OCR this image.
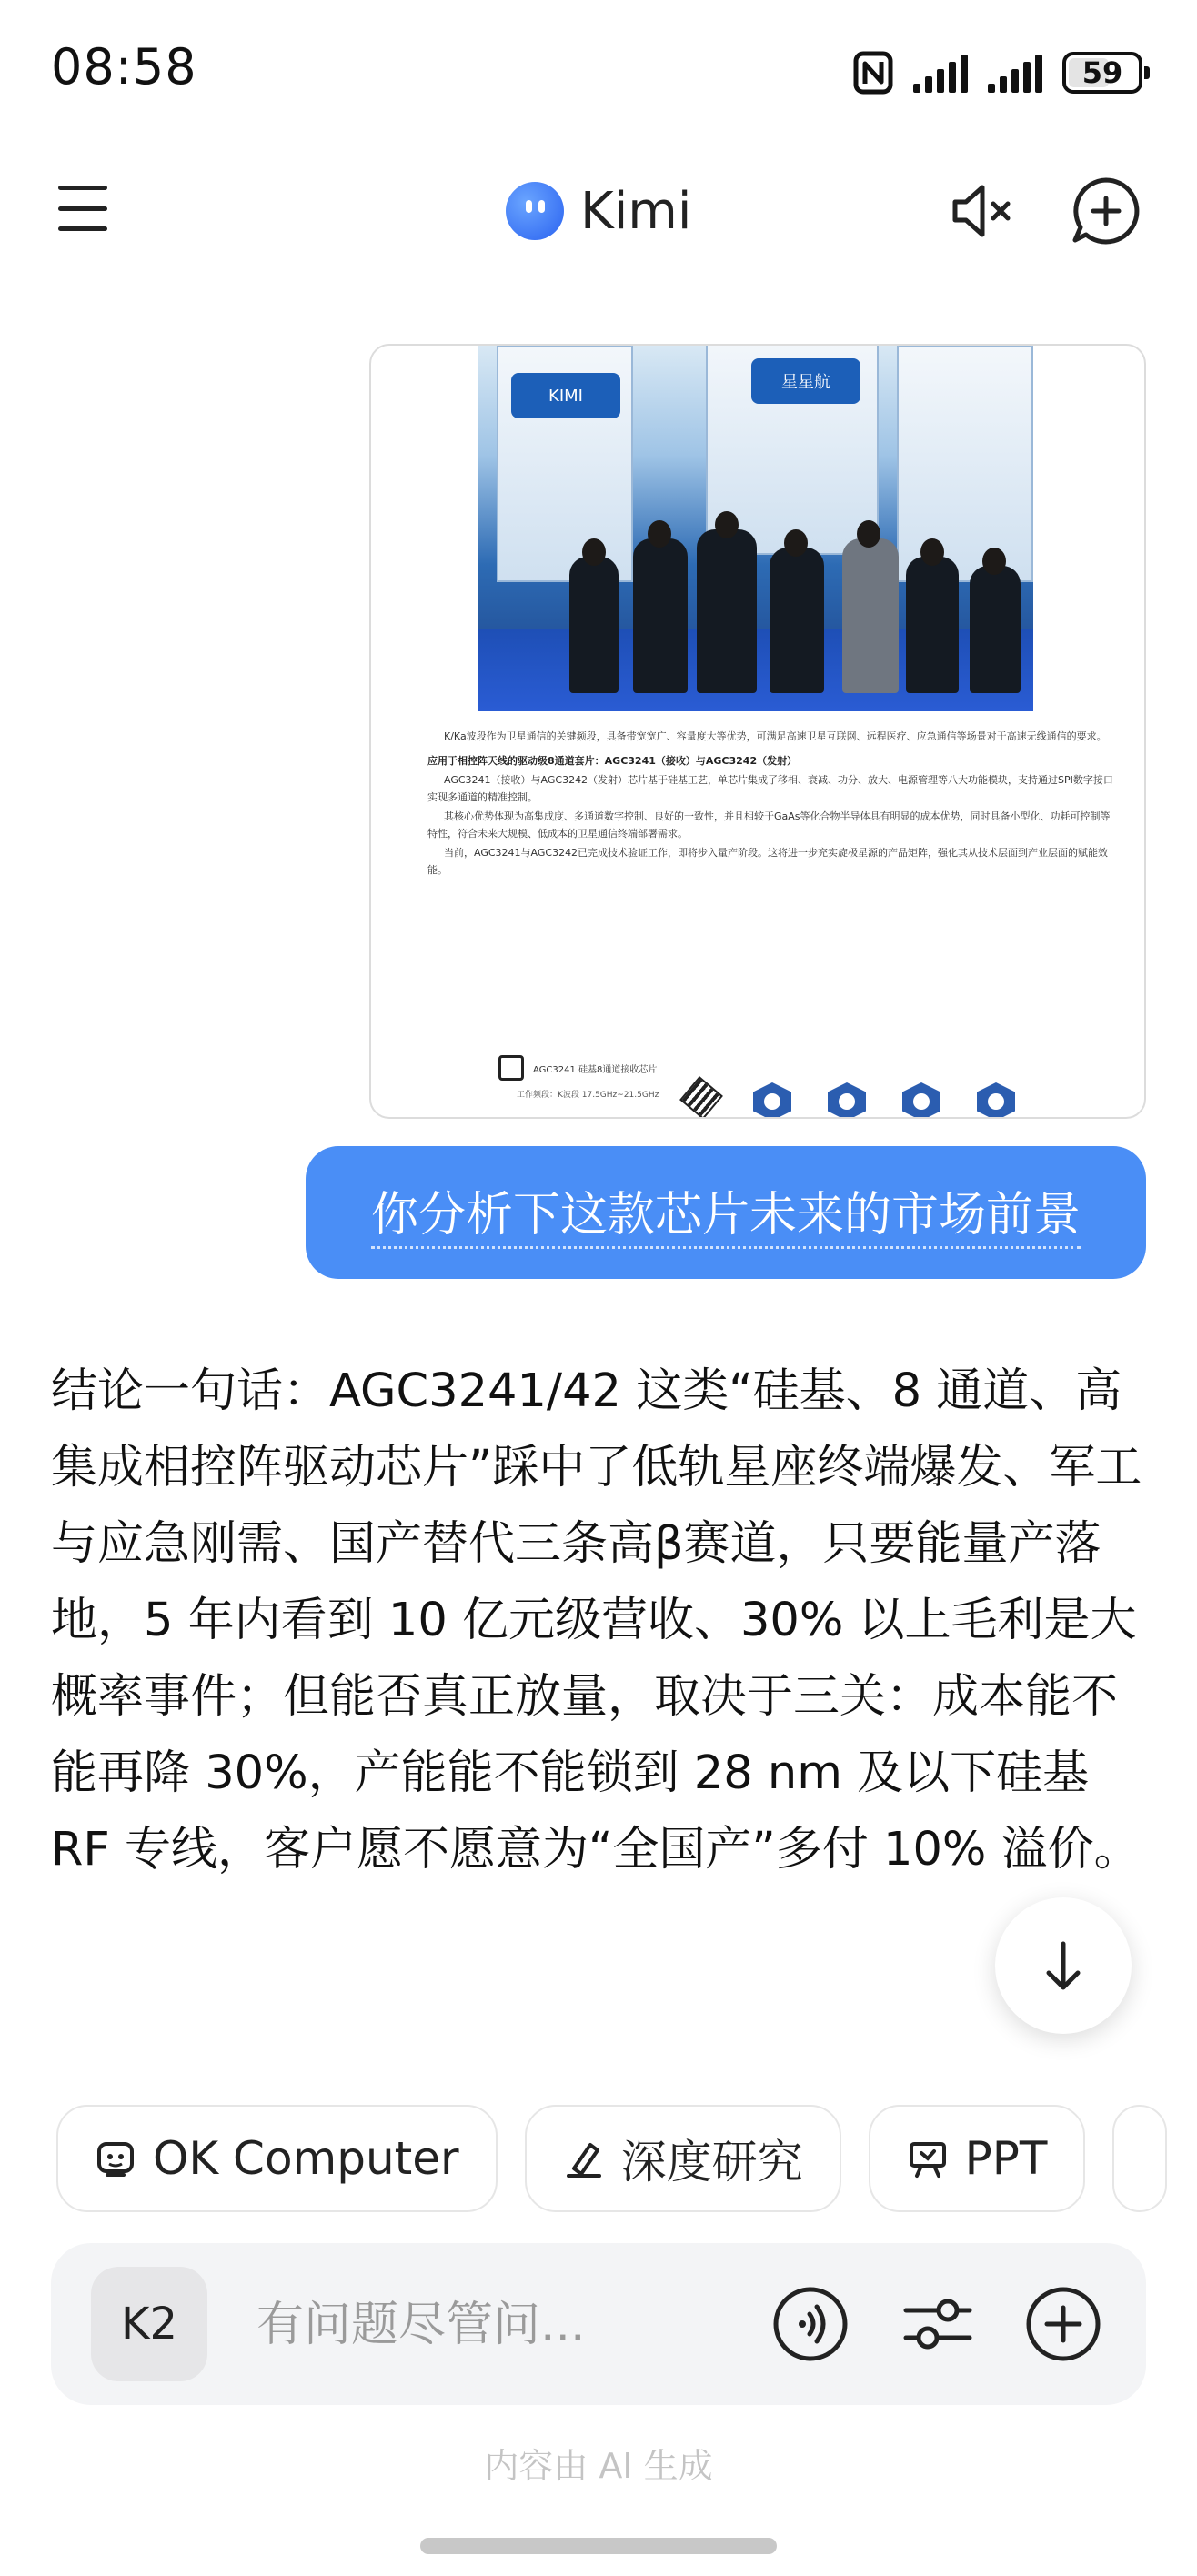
08:58	59
Kimi
KIMI
星星航

K/Ka波段作为卫星通信的关键频段，具备带宽宽广、容量度大等优势，可满足高速卫星互联网、远程医疗、应急通信等场景对于高速无线通信的要求。

应用于相控阵天线的驱动级8通道套片：AGC3241（接收）与AGC3242（发射）

AGC3241（接收）与AGC3242（发射）芯片基于硅基工艺，单芯片集成了移相、衰减、功分、放大、电源管理等八大功能模块，支持通过SPI数字接口实现多通道的精准控制。

其核心优势体现为高集成度、多通道数字控制、良好的一致性，并且相较于GaAs等化合物半导体具有明显的成本优势，同时具备小型化、功耗可控制等特性，符合未来大规模、低成本的卫星通信终端部署需求。

当前，AGC3241与AGC3242已完成技术验证工作，即将步入量产阶段。这将进一步充实旋极星源的产品矩阵，强化其从技术层面到产业层面的赋能效能。

AGC3241 硅基8通道接收芯片
工作频段：K波段 17.5GHz~21.5GHz
你分析下这款芯片未来的市场前景
结论一句话：AGC3241/42 这类“硅基、8 通道、高集成相控阵驱动芯片”踩中了低轨星座终端爆发、军工与应急刚需、国产替代三条高β赛道，只要能量产落地，5 年内看到 10 亿元级营收、30% 以上毛利是大概率事件；但能否真正放量，取决于三关：成本能不能再降 30%，产能能不能锁到 28 nm 及以下硅基 RF 专线，客户愿不愿意为“全国产”多付 10% 溢价。
OK Computer	深度研究	PPT
K2
有问题尽管问...
内容由 AI 生成
